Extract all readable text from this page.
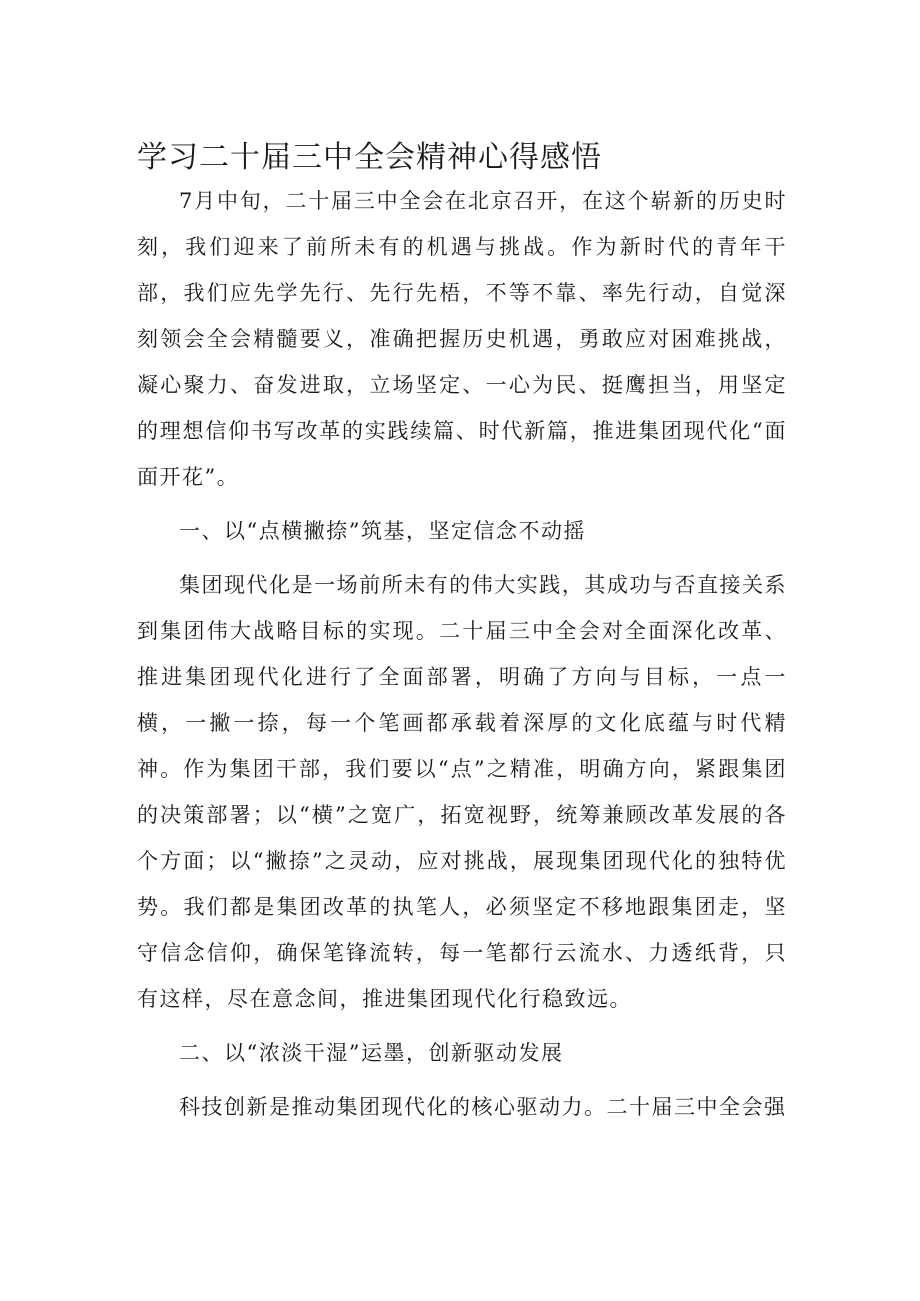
学习二十届三中全会精神心得感悟

7月中旬，二十届三中全会在北京召开，在这个崭新的历史时刻，我们迎来了前所未有的机遇与挑战。作为新时代的青年干部，我们应先学先行、先行先梧，不等不靠、率先行动，自觉深刻领会全会精髓要义，准确把握历史机遇，勇敢应对困难挑战，凝心聚力、奋发进取，立场坚定、一心为民、挺鹰担当，用坚定的理想信仰书写改革的实践续篇、时代新篇，推进集团现代化“面面开花”。

一、以“点横撇捺”筑基，坚定信念不动摇

集团现代化是一场前所未有的伟大实践，其成功与否直接关系到集团伟大战略目标的实现。二十届三中全会对全面深化改革、推进集团现代化进行了全面部署，明确了方向与目标，一点一横，一撇一捺，每一个笔画都承载着深厚的文化底蕴与时代精神。作为集团干部，我们要以“点”之精准，明确方向，紧跟集团的决策部署；以“横”之宽广，拓宽视野，统筹兼顾改革发展的各个方面；以“撇捺”之灵动，应对挑战，展现集团现代化的独特优势。我们都是集团改革的执笔人，必须坚定不移地跟集团走，坚守信念信仰，确保笔锋流转，每一笔都行云流水、力透纸背，只有这样，尽在意念间，推进集团现代化行稳致远。

二、以“浓淡干湿”运墨，创新驱动发展

科技创新是推动集团现代化的核心驱动力。二十届三中全会强
